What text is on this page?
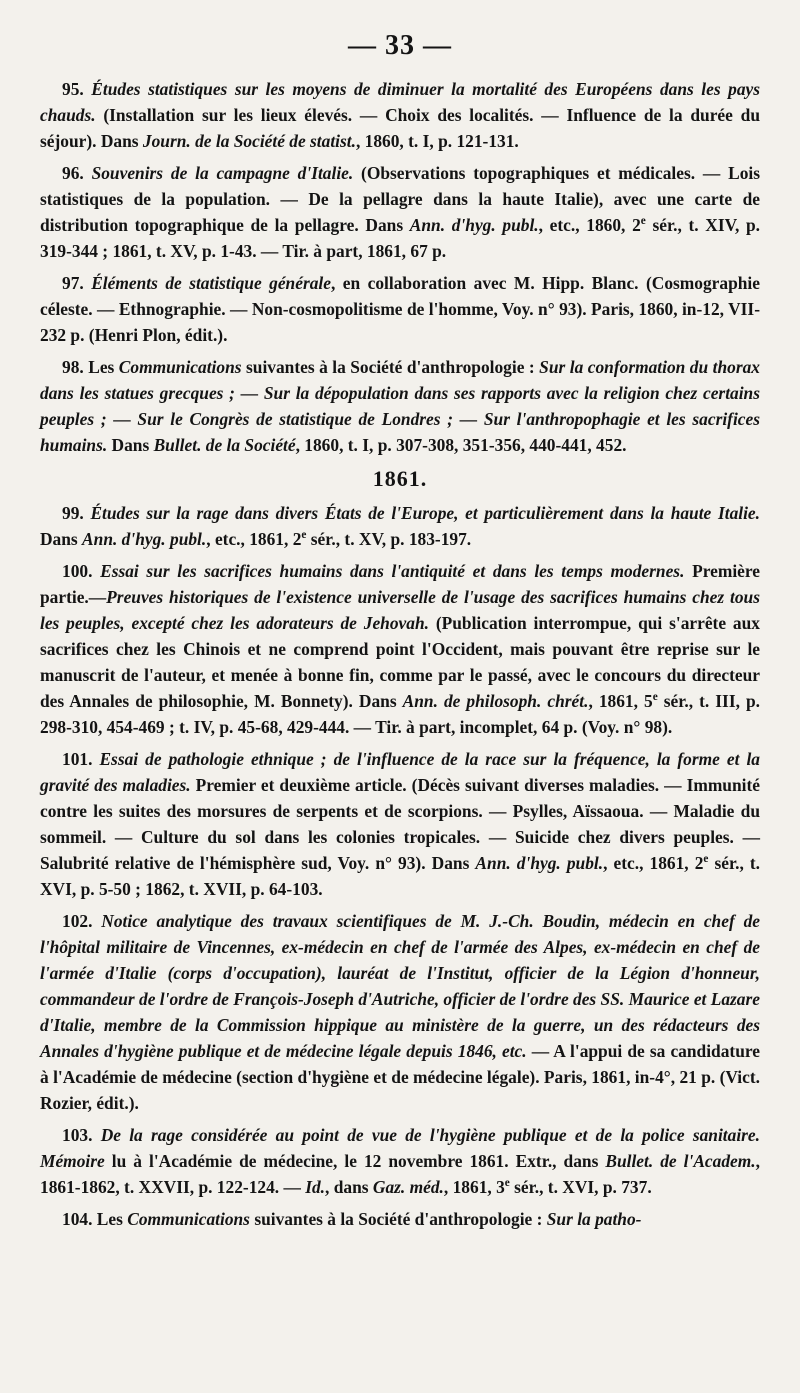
— 33 —

95. Études statistiques sur les moyens de diminuer la mortalité des Européens dans les pays chauds. (Installation sur les lieux élevés. — Choix des localités. — Influence de la durée du séjour). Dans Journ. de la Société de statist., 1860, t. I, p. 121-131.

96. Souvenirs de la campagne d'Italie. (Observations topographiques et médicales. — Lois statistiques de la population. — De la pellagre dans la haute Italie), avec une carte de distribution topographique de la pellagre. Dans Ann. d'hyg. publ., etc., 1860, 2e sér., t. XIV, p. 319-344 ; 1861, t. XV, p. 1-43. — Tir. à part, 1861, 67 p.

97. Éléments de statistique générale, en collaboration avec M. Hipp. Blanc. (Cosmographie céleste. — Ethnographie. — Non-cosmopolitisme de l'homme, Voy. n° 93). Paris, 1860, in-12, VII-232 p. (Henri Plon, édit.).

98. Les Communications suivantes à la Société d'anthropologie : Sur la conformation du thorax dans les statues grecques ; — Sur la dépopulation dans ses rapports avec la religion chez certains peuples ; — Sur le Congrès de statistique de Londres ; — Sur l'anthropophagie et les sacrifices humains. Dans Bullet. de la Société, 1860, t. I, p. 307-308, 351-356, 440-441, 452.

1861.

99. Études sur la rage dans divers États de l'Europe, et particulièrement dans la haute Italie. Dans Ann. d'hyg. publ., etc., 1861, 2e sér., t. XV, p. 183-197.

100. Essai sur les sacrifices humains dans l'antiquité et dans les temps modernes. Première partie.—Preuves historiques de l'existence universelle de l'usage des sacrifices humains chez tous les peuples, excepté chez les adorateurs de Jehovah. (Publication interrompue, qui s'arrête aux sacrifices chez les Chinois et ne comprend point l'Occident, mais pouvant être reprise sur le manuscrit de l'auteur, et menée à bonne fin, comme par le passé, avec le concours du directeur des Annales de philosophie, M. Bonnety). Dans Ann. de philosoph. chrét., 1861, 5e sér., t. III, p. 298-310, 454-469 ; t. IV, p. 45-68, 429-444. — Tir. à part, incomplet, 64 p. (Voy. n° 98).

101. Essai de pathologie ethnique ; de l'influence de la race sur la fréquence, la forme et la gravité des maladies. Premier et deuxième article. (Décès suivant diverses maladies. — Immunité contre les suites des morsures de serpents et de scorpions. — Psylles, Aïssaoua. — Maladie du sommeil. — Culture du sol dans les colonies tropicales. — Suicide chez divers peuples. — Salubrité relative de l'hémisphère sud, Voy. n° 93). Dans Ann. d'hyg. publ., etc., 1861, 2e sér., t. XVI, p. 5-50 ; 1862, t. XVII, p. 64-103.

102. Notice analytique des travaux scientifiques de M. J.-Ch. Boudin, médecin en chef de l'hôpital militaire de Vincennes, ex-médecin en chef de l'armée des Alpes, ex-médecin en chef de l'armée d'Italie (corps d'occupation), lauréat de l'Institut, officier de la Légion d'honneur, commandeur de l'ordre de François-Joseph d'Autriche, officier de l'ordre des SS. Maurice et Lazare d'Italie, membre de la Commission hippique au ministère de la guerre, un des rédacteurs des Annales d'hygiène publique et de médecine légale depuis 1846, etc. — A l'appui de sa candidature à l'Académie de médecine (section d'hygiène et de médecine légale). Paris, 1861, in-4°, 21 p. (Vict. Rozier, édit.).

103. De la rage considérée au point de vue de l'hygiène publique et de la police sanitaire. Mémoire lu à l'Académie de médecine, le 12 novembre 1861. Extr., dans Bullet. de l'Academ., 1861-1862, t. XXVII, p. 122-124. — Id., dans Gaz. méd., 1861, 3e sér., t. XVI, p. 737.

104. Les Communications suivantes à la Société d'anthropologie : Sur la patho-
